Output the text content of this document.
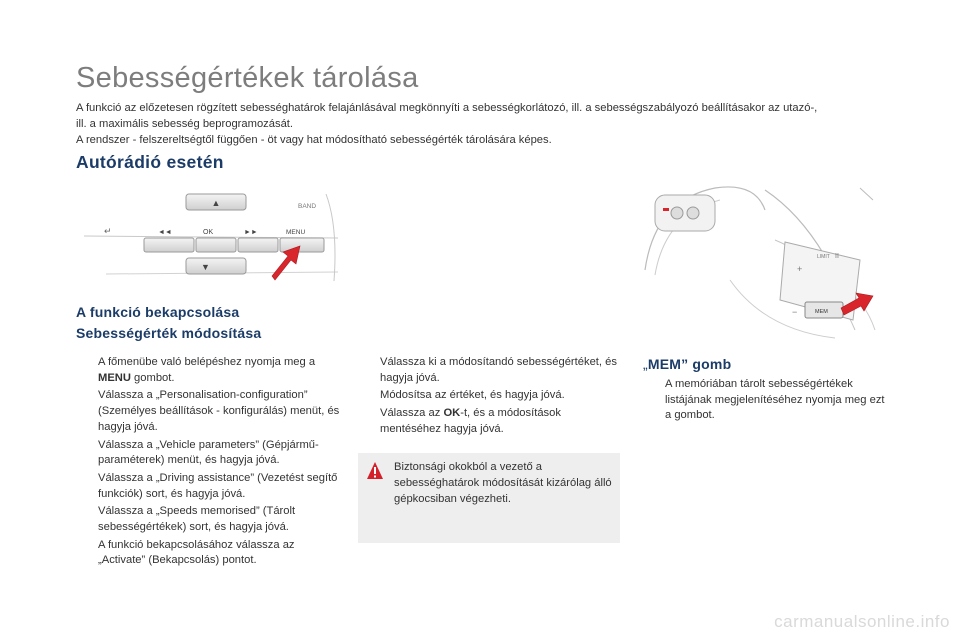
Sebességértékek tárolása

A funkció az előzetesen rögzített sebességhatárok felajánlásával megkönnyíti a sebességkorlátozó, ill. a sebességszabályozó beállításakor az utazó-,

ill. a maximális sebesség beprogramozását.

A rendszer - felszereltségtől függően - öt vagy hat módosítható sebességérték tárolására képes.

Autórádió esetén
▲	BAND
↵	◄◄	OK	►►	MENU
▼
A funkció bekapcsolása
Sebességérték módosítása
A főmenübe való belépéshez nyomja meg a MENU gombot.
Válassza a „Personalisation-configuration” (Személyes beállítások - konfigurálás) menüt, és hagyja jóvá.
Válassza a „Vehicle parameters” (Gépjármű-paraméterek) menüt, és hagyja jóvá.
Válassza a „Driving assistance” (Vezetést segítő funkciók) sort, és hagyja jóvá.
Válassza a „Speeds memorised” (Tárolt sebességértékek) sort, és hagyja jóvá.
A funkció bekapcsolásához válassza az „Activate” (Bekapcsolás) pontot.
Válassza ki a módosítandó sebességértéket, és hagyja jóvá.
Módosítsa az értéket, és hagyja jóvá.
Válassza az OK-t, és a módosítások mentéséhez hagyja jóvá.
Biztonsági okokból a vezető a sebességhatárok módosítását kizárólag álló gépkocsiban végezheti.
LIMIT
+
−
II
MEM
„MEM” gomb
A memóriában tárolt sebességértékek listájának megjelenítéséhez nyomja meg ezt a gombot.
carmanualsonline.info
